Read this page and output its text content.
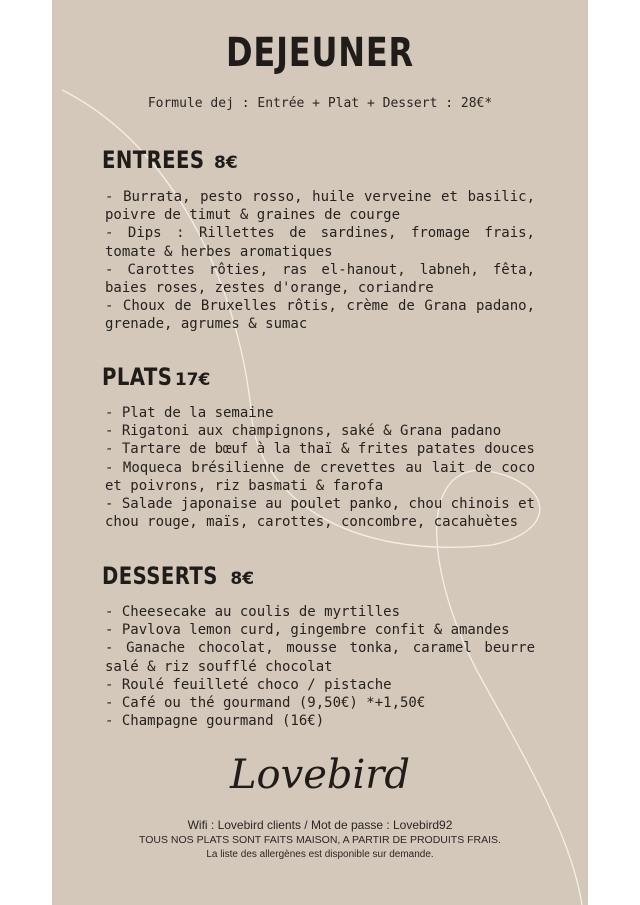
DEJEUNER
Formule dej : Entrée + Plat + Dessert : 28€*
ENTREES 8€
- Burrata, pesto rosso, huile verveine et basilic, poivre de timut & graines de courge
- Dips : Rillettes de sardines, fromage frais, tomate & herbes aromatiques
- Carottes rôties, ras el-hanout, labneh, fêta, baies roses, zestes d'orange, coriandre
- Choux de Bruxelles rôtis, crème de Grana padano, grenade, agrumes & sumac
PLATS 17€
- Plat de la semaine
- Rigatoni aux champignons, saké & Grana padano
- Tartare de bœuf à la thaï & frites patates douces
- Moqueca brésilienne de crevettes au lait de coco et poivrons, riz basmati & farofa
- Salade japonaise au poulet panko, chou chinois et chou rouge, maïs, carottes, concombre, cacahuètes
DESSERTS 8€
- Cheesecake au coulis de myrtilles
- Pavlova lemon curd, gingembre confit & amandes
- Ganache chocolat, mousse tonka, caramel beurre salé & riz soufflé chocolat
- Roulé feuilleté choco / pistache
- Café ou thé gourmand (9,50€) *+1,50€
- Champagne gourmand (16€)
Lovebird
Wifi : Lovebird clients / Mot de passe : Lovebird92
TOUS NOS PLATS SONT FAITS MAISON, A PARTIR DE PRODUITS FRAIS.
La liste des allergènes est disponible sur demande.
